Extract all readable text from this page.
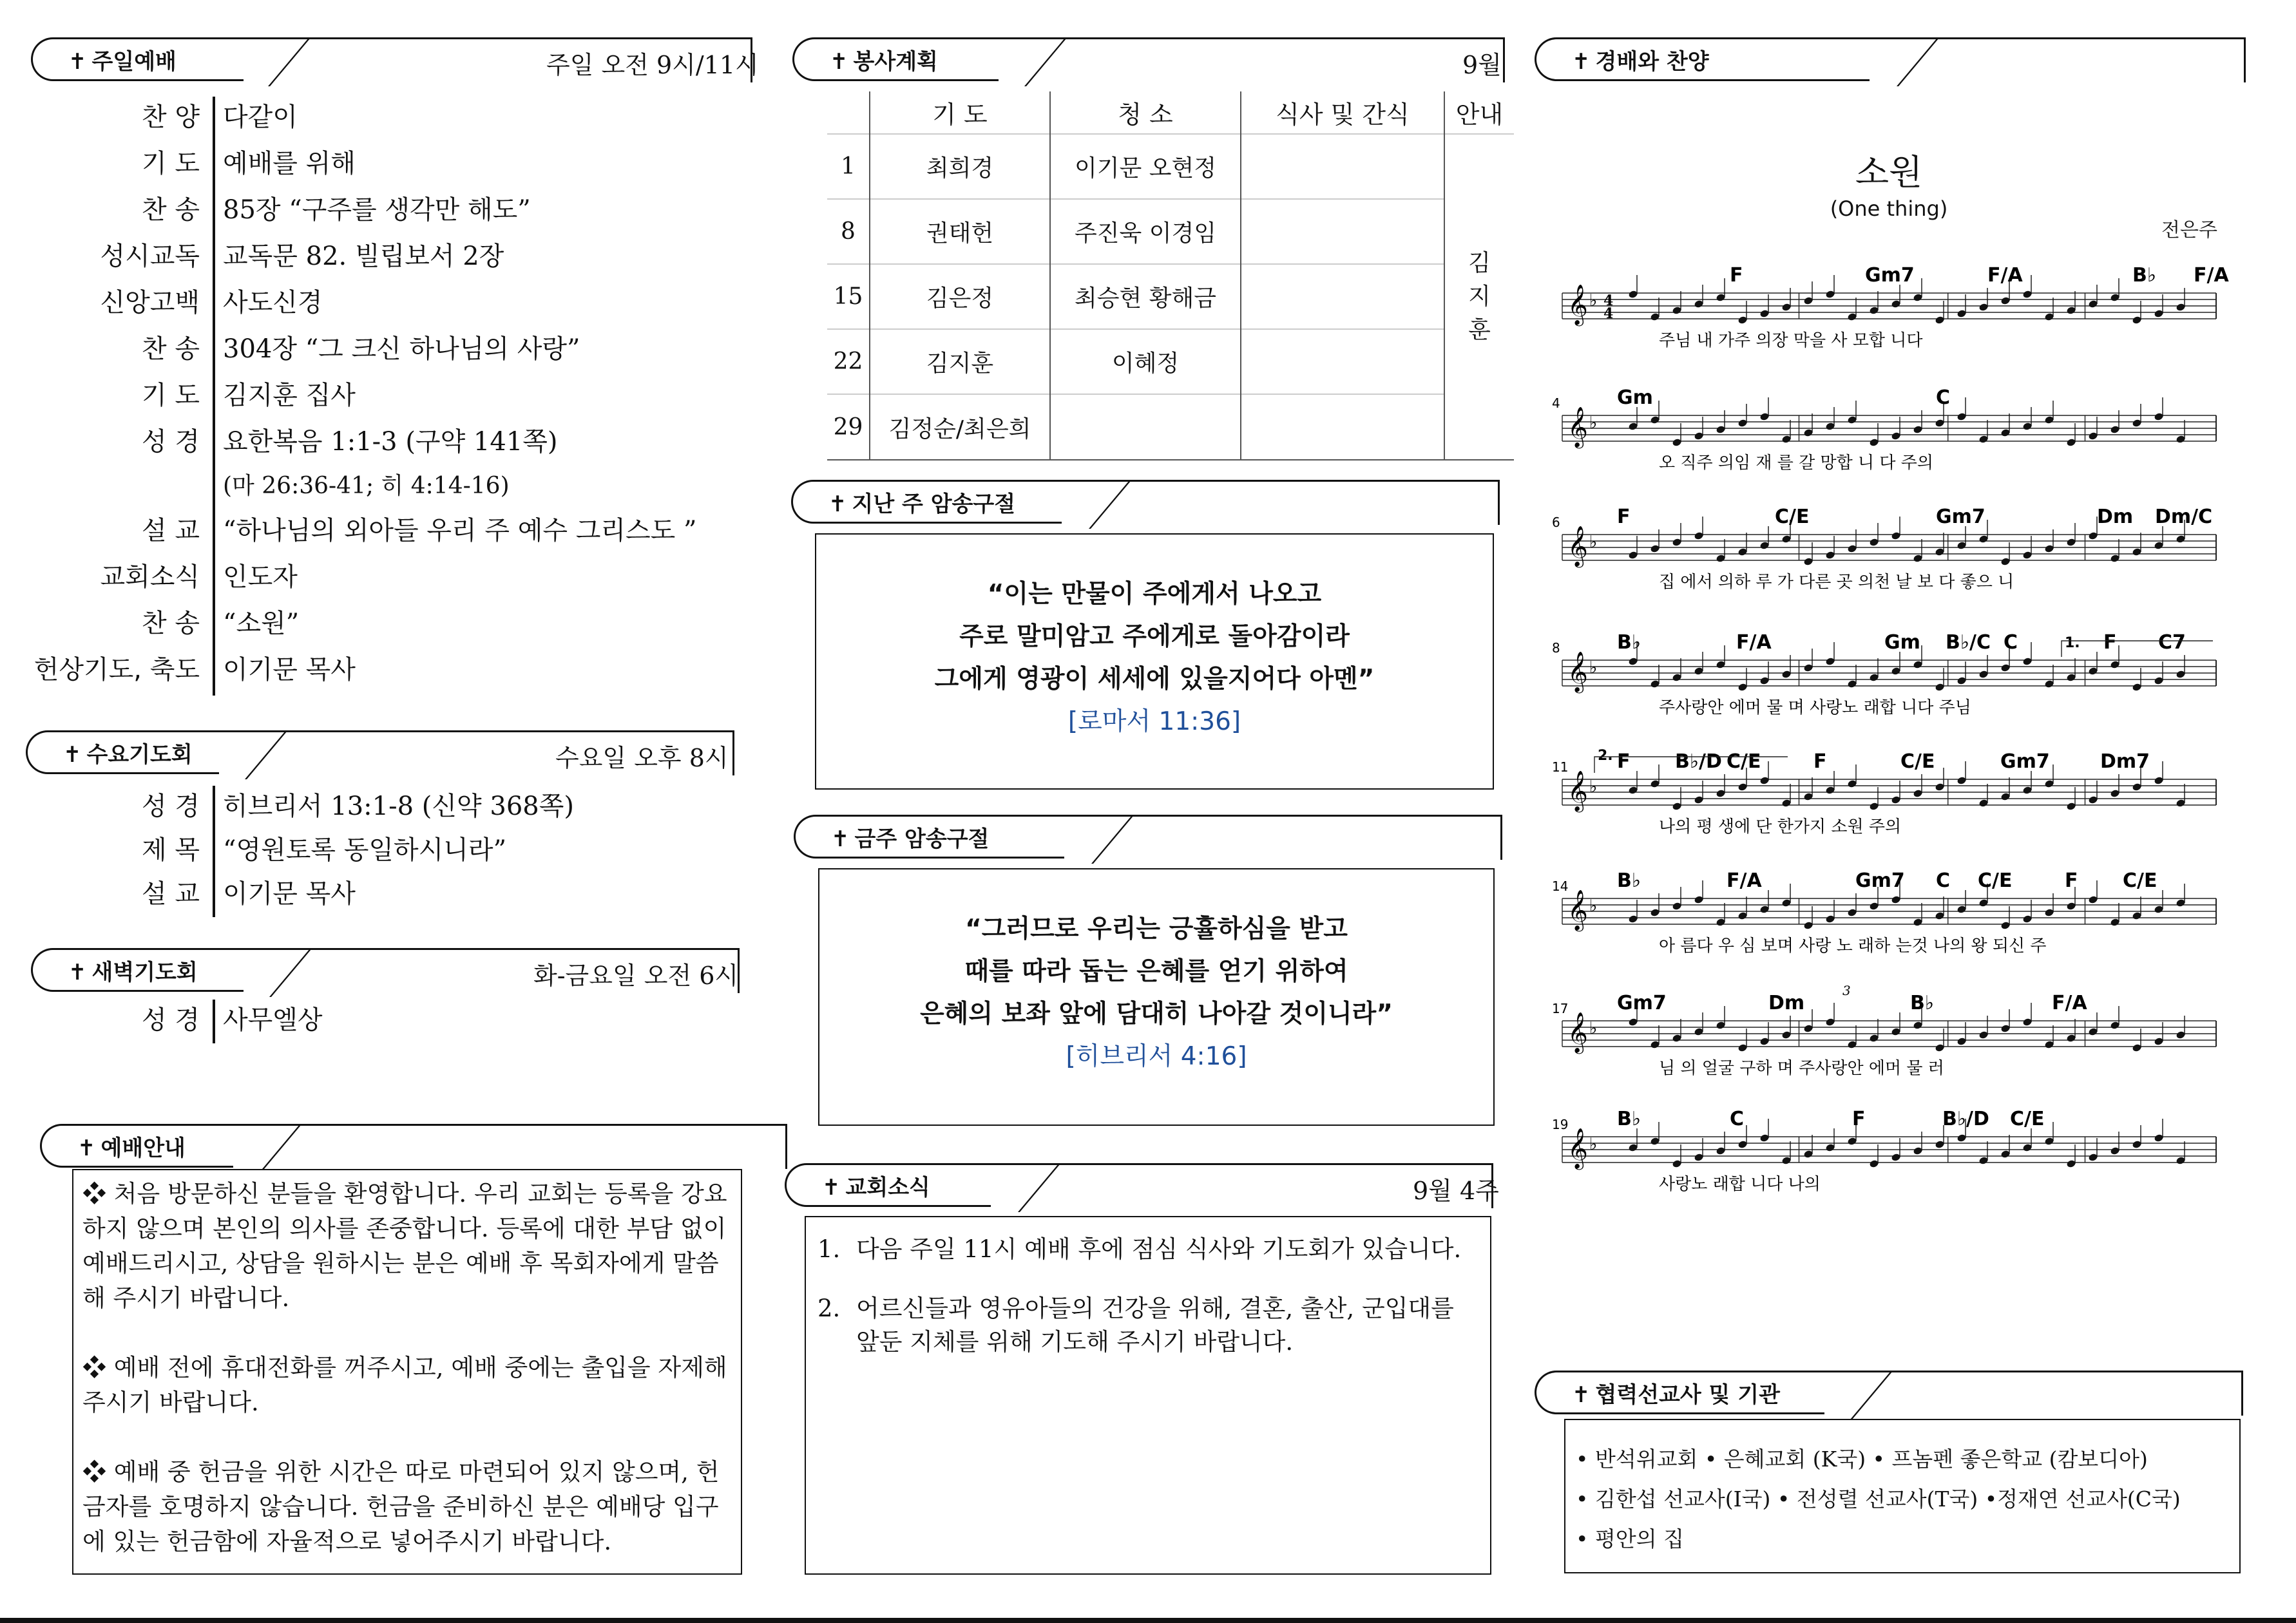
✝ 주일예배	주일 오전 9시/11시
찬 양 다같이
기 도 예배를 위해
찬 송 85장 “구주를 생각만 해도”
성시교독 교독문 82. 빌립보서 2장
신앙고백 사도신경
찬 송 304장 “그 크신 하나님의 사랑”
기 도 김지훈 집사
성 경 요한복음 1:1-3 (구약 141쪽)
(마 26:36-41; 히 4:14-16)
설 교 “하나님의 외아들 우리 주 예수 그리스도 ”
교회소식 인도자
찬 송 “소원”
헌상기도, 축도 이기문 목사
✝ 수요기도회	수요일 오후 8시
성 경 히브리서 13:1-8 (신약 368쪽)
제 목 “영원토록 동일하시니라”
설 교 이기문 목사
✝ 새벽기도회	화-금요일 오전 6시
성 경 사무엘상
✝ 예배안내

❖ 처음 방문하신 분들을 환영합니다. 우리 교회는 등록을 강요하지 않으며 본인의 의사를 존중합니다. 등록에 대한 부담 없이 예배드리시고, 상담을 원하시는 분은 예배 후 목회자에게 말씀해 주시기 바랍니다.

❖ 예배 전에 휴대전화를 꺼주시고, 예배 중에는 출입을 자제해 주시기 바랍니다.

❖ 예배 중 헌금을 위한 시간은 따로 마련되어 있지 않으며, 헌금자를 호명하지 않습니다. 헌금을 준비하신 분은 예배당 입구에 있는 헌금함에 자율적으로 넣어주시기 바랍니다.

✝ 봉사계획	9월
	기 도	청 소	식사 및 간식	안내
1	최희경	이기문 오현정		김
지
훈

8	권태헌	주진욱 이경임		
15	김은정	최승현 황해금		
22	김지훈	이혜정		
29	김정순/최은희			
✝ 지난 주 암송구절
“이는 만물이 주에게서 나오고
주로 말미암고 주에게로 돌아감이라
그에게 영광이 세세에 있을지어다 아멘”
[로마서 11:36]
✝ 금주 암송구절
“그러므로 우리는 긍휼하심을 받고
때를 따라 돕는 은혜를 얻기 위하여
은혜의 보좌 앞에 담대히 나아갈 것이니라”
[히브리서 4:16]
✝ 교회소식	9월 4주
1. 다음 주일 11시 예배 후에 점심 식사와 기도회가 있습니다.
2. 어르신들과 영유아들의 건강을 위해, 결혼, 출산, 군입대를 앞둔 지체를 위해 기도해 주시기 바랍니다.
✝ 경배와 찬양
소원
(One thing)
전은주
𝄞 ♭ 4
4
F	Gm7	F/A	B♭ F/A
주님 내 가주 의장 막을 사 모합 니다
𝄞 ♭
4	Gm	C
오 직주 의임 재 를 갈 망합 니 다 주의
𝄞 ♭
6	F	C/E	Gm7	Dm Dm/C
집 에서 의하 루 가 다른 곳 의천 날 보 다 좋으 니
𝄞 ♭
8	B♭	F/A	Gm B♭/C C	F C7
주사랑안 에머 물 며 사랑노 래합 니다 주님
𝄞 ♭
11	F B♭/D C/E	F	C/E	Gm7	Dm7
나의 평 생에 단 한가지 소원 주의
𝄞 ♭
14	B♭	F/A	Gm7 C C/E	F C/E
아 름다 우 심 보며 사랑 노 래하 는것 나의 왕 되신 주
𝄞 ♭
17	Gm7	Dm	B♭	F/A
님 의 얼굴 구하 며 주사랑안 에머 물 러
𝄞 ♭
19	B♭	C	F	B♭/D C/E
사랑노 래합 니다 나의
1.
2.
3
✝ 협력선교사 및 기관
• 반석위교회 • 은혜교회 (K국) • 프놈펜 좋은학교 (캄보디아)
• 김한섭 선교사(I국) • 전성렬 선교사(T국) •정재연 선교사(C국)
• 평안의 집
